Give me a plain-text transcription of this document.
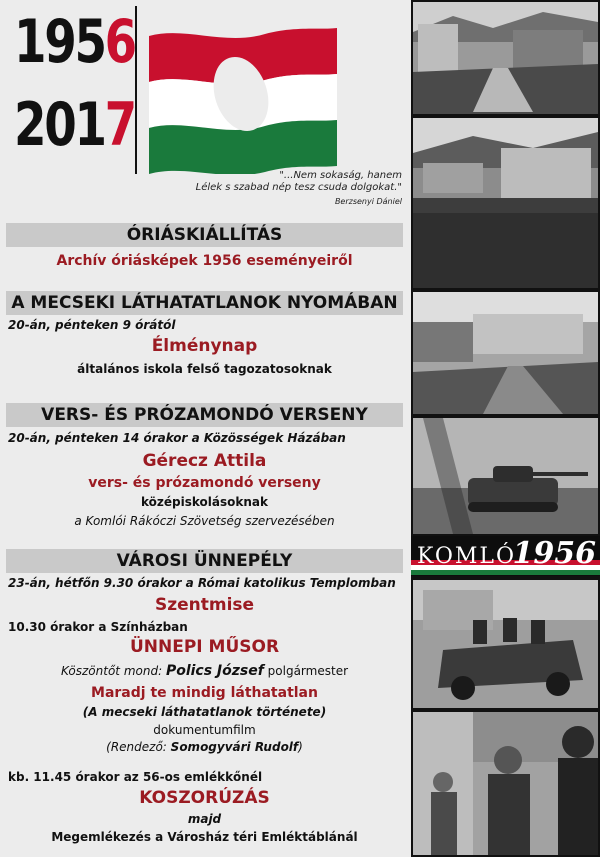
1956
2017
"...Nem sokaság, hanem
Lélek s szabad nép tesz csuda dolgokat."
Berzsenyi Dániel
ÓRIÁSKIÁLLÍTÁS
Archív óriásképek 1956 eseményeiről
A MECSEKI LÁTHATATLANOK NYOMÁBAN
20-án, pénteken 9 órától
Élménynap
általános iskola felső tagozatosoknak
VERS- ÉS PRÓZAMONDÓ VERSENY
20-án, pénteken 14 órakor a Közösségek Házában
Gérecz Attila
vers- és prózamondó verseny
középiskolásoknak
a Komlói Rákóczi Szövetség szervezésében
VÁROSI ÜNNEPÉLY
23-án, hétfőn 9.30 órakor a Római katolikus Templomban
Szentmise
10.30 órakor a Színházban
ÜNNEPI MŰSOR
Köszöntőt mond: Polics József polgármester
Maradj te mindig láthatatlan
(A mecseki láthatatlanok története)
dokumentumfilm
(Rendező: Somogyvári Rudolf)
kb. 11.45 órakor az 56-os emlékkőnél
KOSZORÚZÁS
majd
Megemlékezés a Városház téri Emléktáblánál
KOMLÓ
1956
